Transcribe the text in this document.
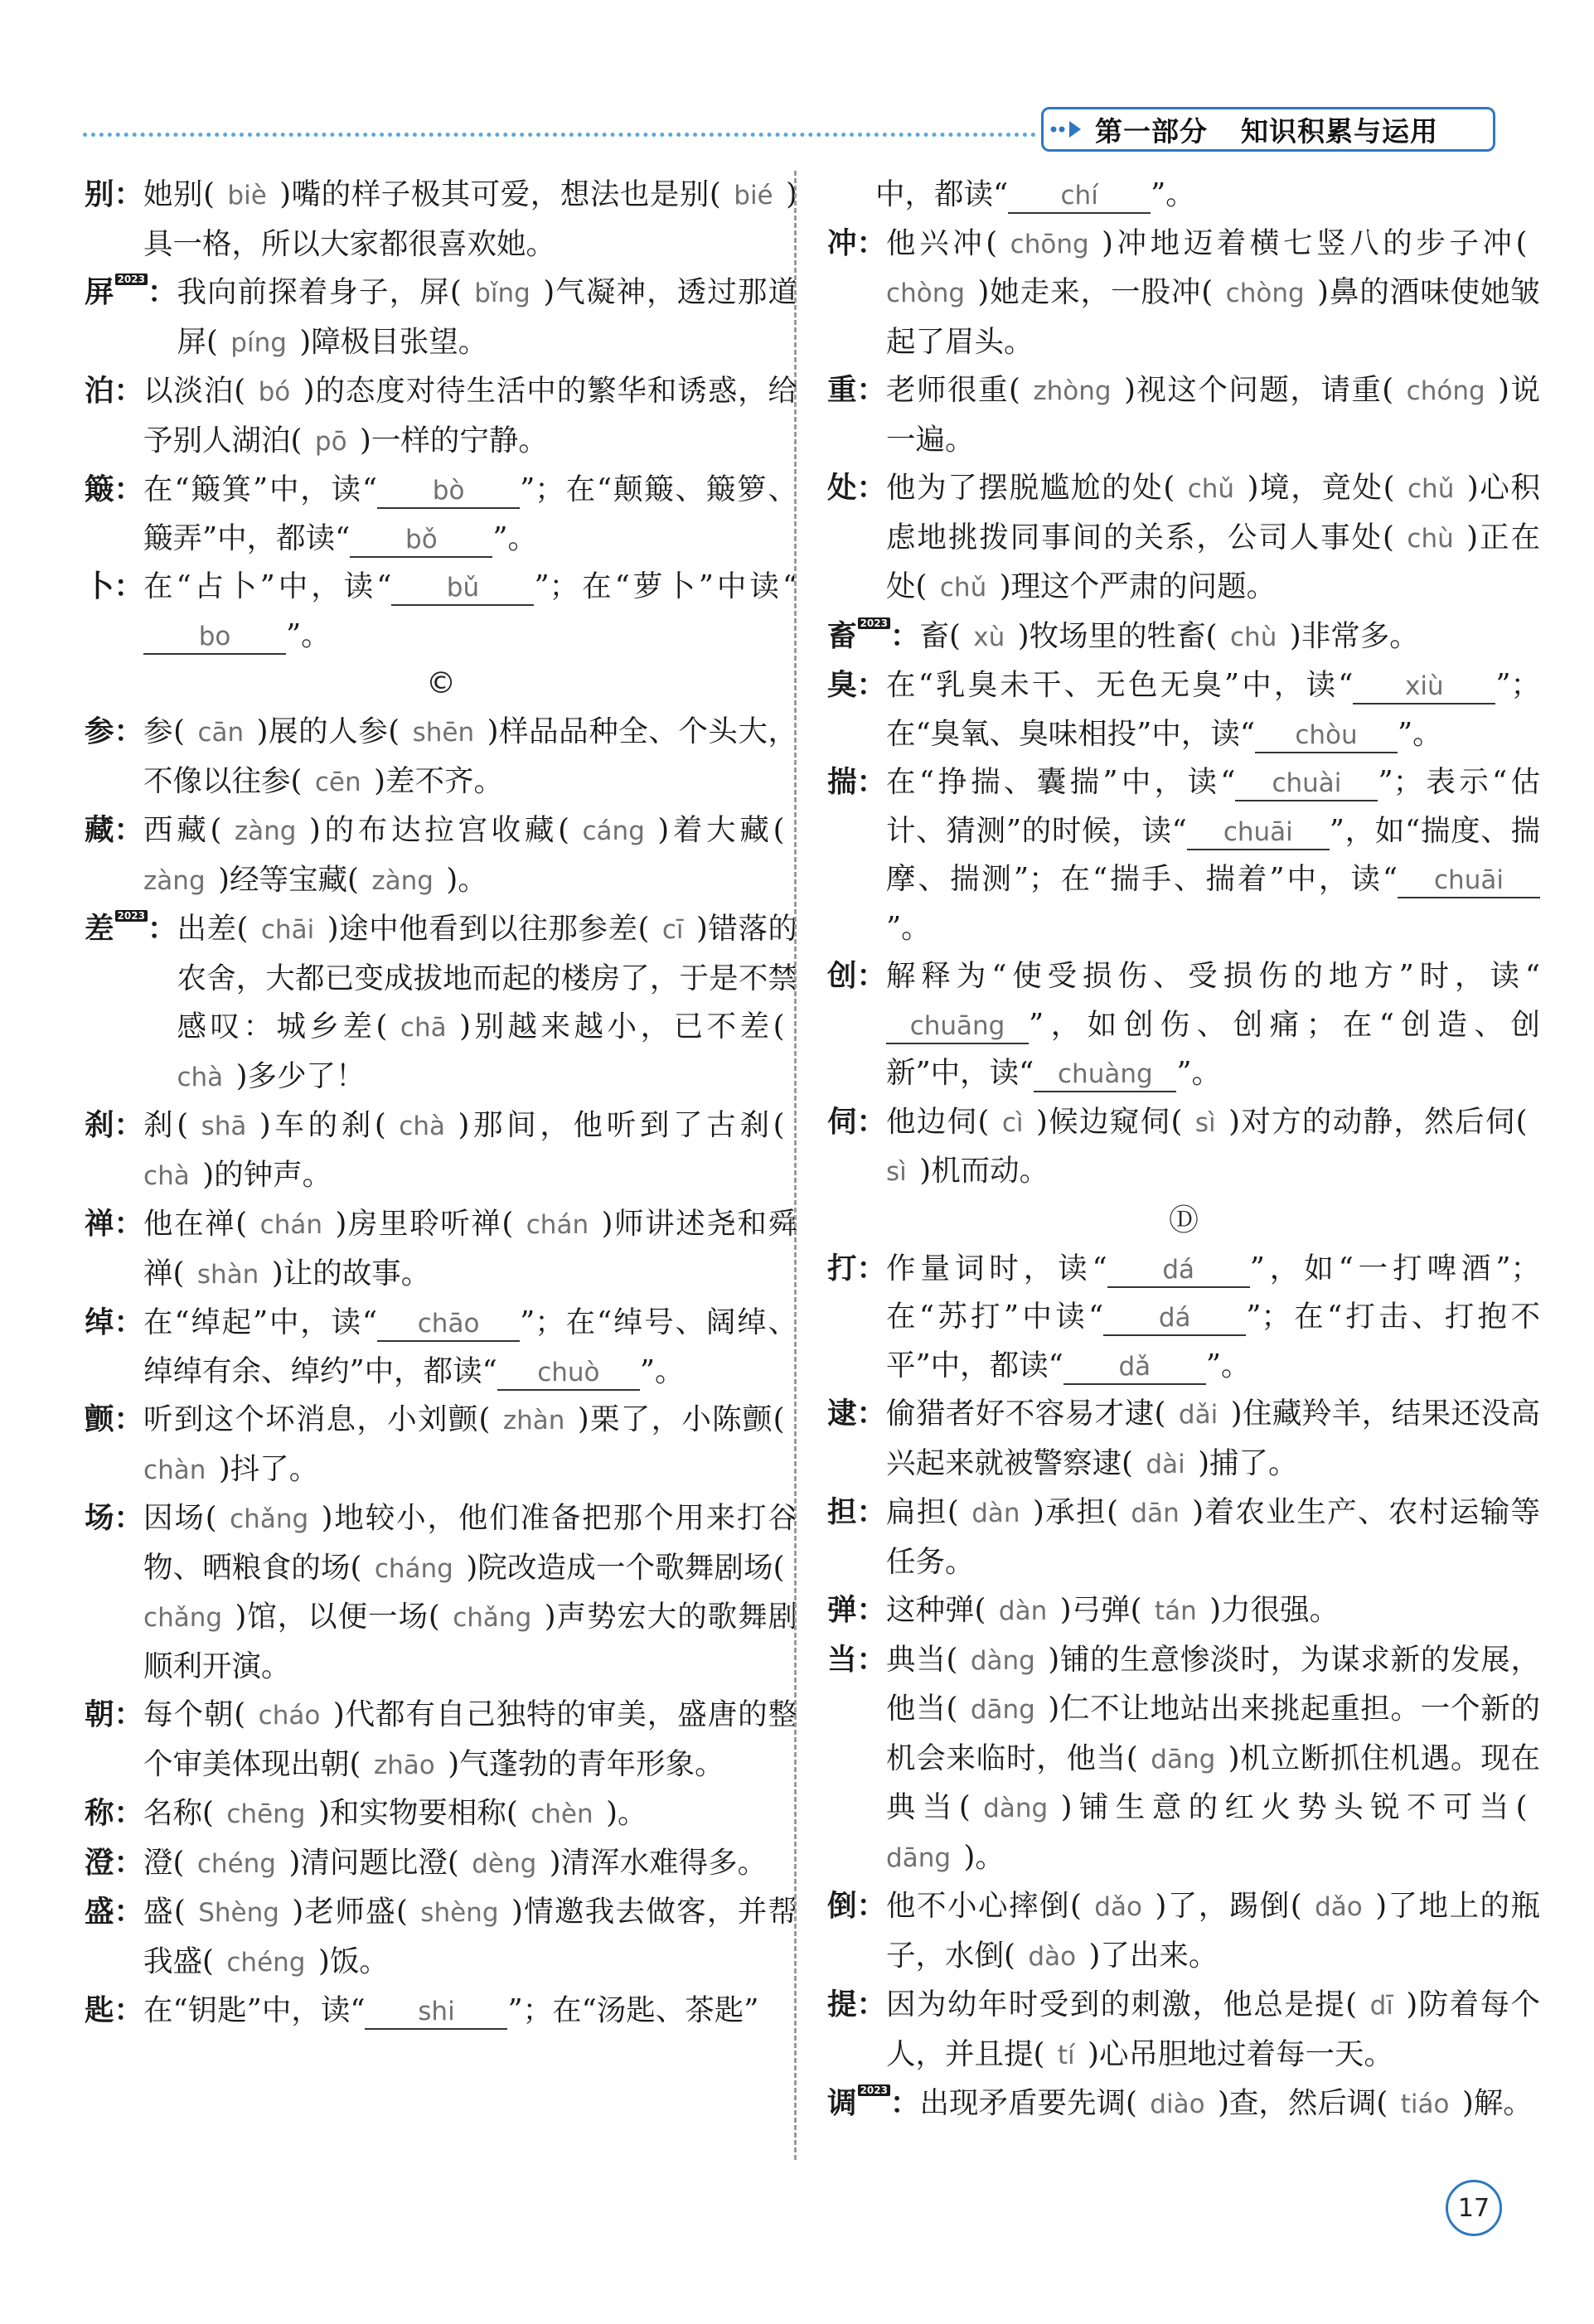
第一部分 知识积累与运用
别： 她别( biè )嘴的样子极其可爱，想法也是别( bié )具一格，所以大家都很喜欢她。
屏 2023： 我向前探着身子，屏( bǐng )气凝神，透过那道屏( píng )障极目张望。
泊： 以淡泊( bó )的态度对待生活中的繁华和诱惑，给予别人湖泊( pō )一样的宁静。
簸： 在“簸箕”中，读“ bò ”；在“颠簸、簸箩、簸弄”中，都读“ bǒ ”。
卜： 在“占卜”中，读“ bǔ ”；在“萝卜”中读“bo ”。
©
参： 参( cān )展的人参( shēn )样品品种全、个头大，不像以往参( cēn )差不齐。
藏： 西藏( zàng )的布达拉宫收藏( cáng )着大藏( zàng )经等宝藏( zàng )。
差 2023： 出差( chāi )途中他看到以往那参差( cī )错落的农舍，大都已变成拔地而起的楼房了，于是不禁感叹：城乡差( chā )别越来越小，已不差( chà )多少了！
刹： 刹( shā )车的刹( chà )那间，他听到了古刹( chà )的钟声。
禅： 他在禅( chán )房里聆听禅( chán )师讲述尧和舜禅( shàn )让的故事。
绰： 在“绰起”中，读“ chāo ”；在“绰号、阔绰、绰绰有余、绰约”中，都读“ chuò ”。
颤： 听到这个坏消息，小刘颤( zhàn )栗了，小陈颤( chàn )抖了。
场： 因场( chǎng )地较小，他们准备把那个用来打谷物、晒粮食的场( cháng )院改造成一个歌舞剧场( chǎng )馆，以便一场( chǎng )声势宏大的歌舞剧顺利开演。
朝： 每个朝( cháo )代都有自己独特的审美，盛唐的整个审美体现出朝( zhāo )气蓬勃的青年形象。
称： 名称( chēng )和实物要相称( chèn )。
澄： 澄( chéng )清问题比澄( dèng )清浑水难得多。
盛： 盛( Shèng )老师盛( shèng )情邀我去做客，并帮我盛( chéng )饭。
匙： 在“钥匙”中，读“ shi ”；在“汤匙、茶匙”
中，都读“ chí ”。
冲： 他兴冲( chōng )冲地迈着横七竖八的步子冲( chòng )她走来，一股冲( chòng )鼻的酒味使她皱起了眉头。
重： 老师很重( zhòng )视这个问题，请重( chóng )说一遍。
处： 他为了摆脱尴尬的处( chǔ )境，竟处( chǔ )心积虑地挑拨同事间的关系，公司人事处( chù )正在处( chǔ )理这个严肃的问题。
畜 2023： 畜( xù )牧场里的牲畜( chù )非常多。
臭： 在“乳臭未干、无色无臭”中，读“ xiù ”；在“臭氧、臭味相投”中，读“ chòu ”。
揣： 在“挣揣、囊揣”中，读“ chuài ”；表示“估计、猜测”的时候，读“ chuāi ”，如“揣度、揣摩、揣测”；在“揣手、揣着”中，读“ chuāi”。
创： 解释为“使受损伤、受损伤的地方”时，读“chuāng ”，如创伤、创痛；在“创造、创新”中，读“ chuàng ”。
伺： 他边伺( cì )候边窥伺( sì )对方的动静，然后伺( sì )机而动。
Ⓓ
打： 作量词时，读“ dá ”，如“一打啤酒”；在“苏打”中读“ dá ”；在“打击、打抱不平”中，都读“ dǎ ”。
逮： 偷猎者好不容易才逮( dǎi )住藏羚羊，结果还没高兴起来就被警察逮( dài )捕了。
担： 扁担( dàn )承担( dān )着农业生产、农村运输等任务。
弹： 这种弹( dàn )弓弹( tán )力很强。
当： 典当( dàng )铺的生意惨淡时，为谋求新的发展，他当( dāng )仁不让地站出来挑起重担。一个新的机会来临时，他当( dāng )机立断抓住机遇。现在典当( dàng )铺生意的红火势头锐不可当( dāng )。
倒： 他不小心摔倒( dǎo )了，踢倒( dǎo )了地上的瓶子，水倒( dào )了出来。
提： 因为幼年时受到的刺激，他总是提( dī )防着每个人，并且提( tí )心吊胆地过着每一天。
调 2023： 出现矛盾要先调( diào )查，然后调( tiáo )解。
17
